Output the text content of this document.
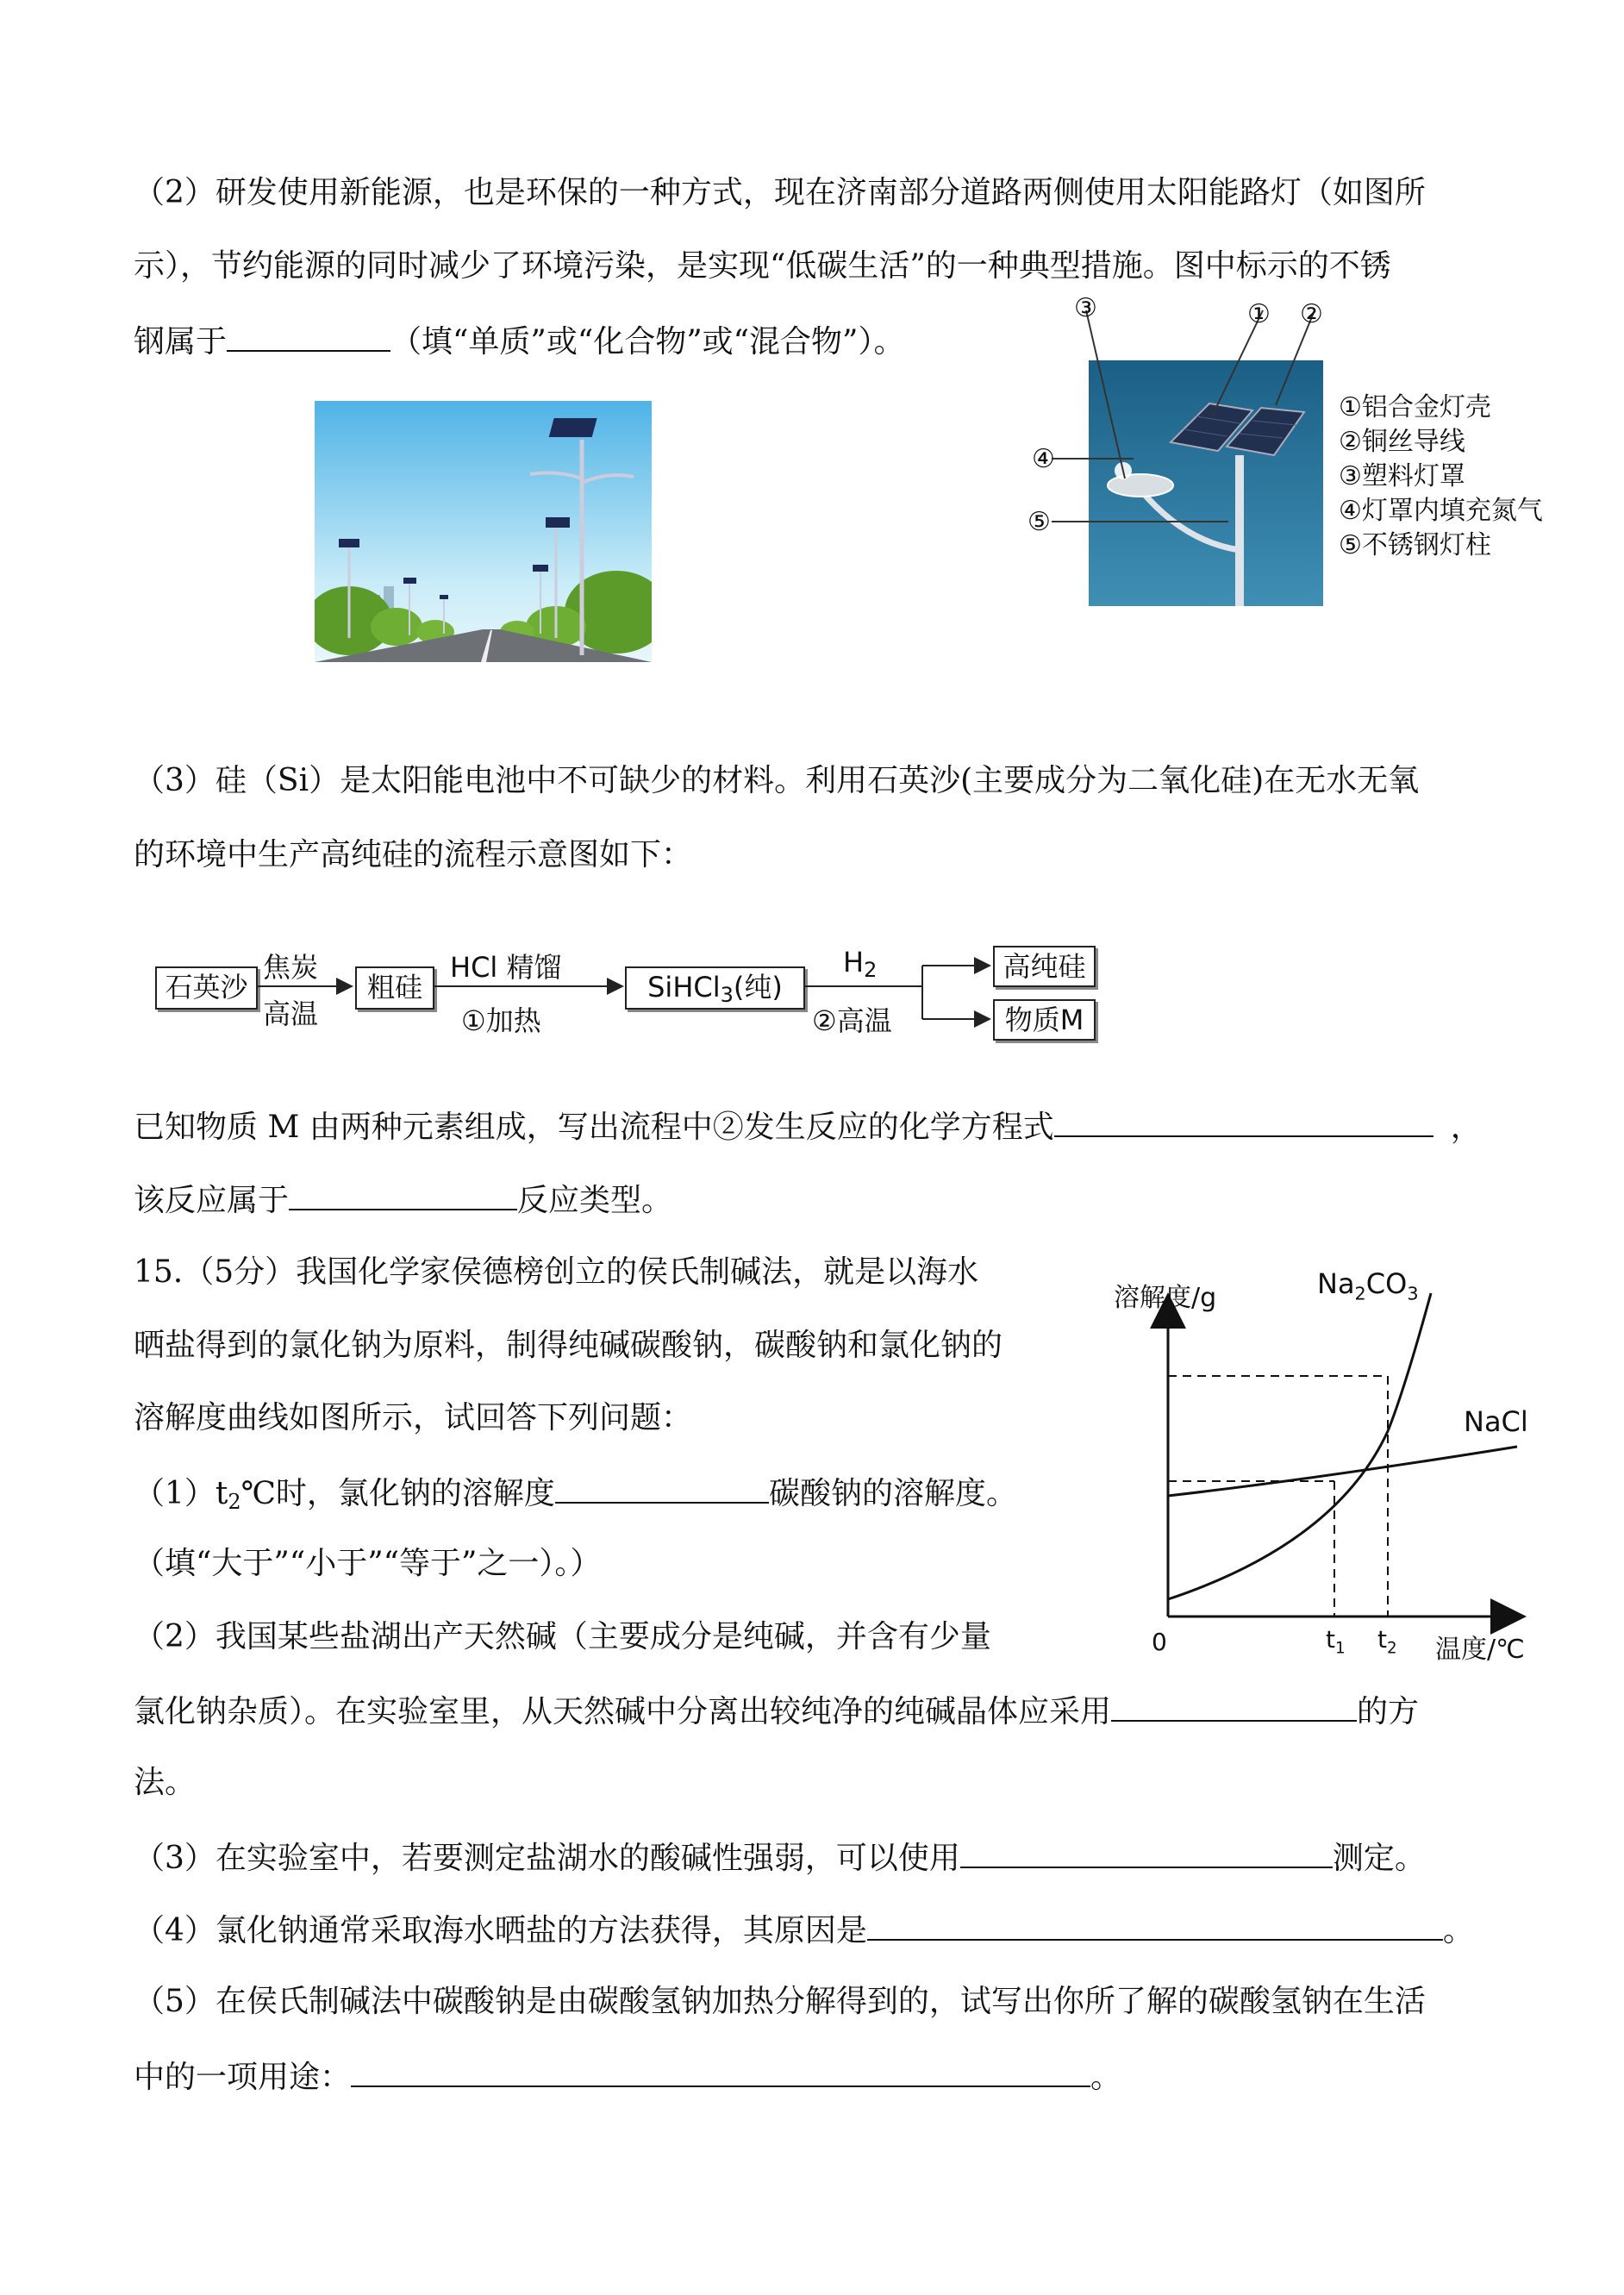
（2）研发使用新能源，也是环保的一种方式，现在济南部分道路两侧使用太阳能路灯（如图所
示），节约能源的同时减少了环境污染，是实现“低碳生活”的一种典型措施。图中标示的不锈
钢属于	（填“单质”或“化合物”或“混合物”）。
③	① ②
④
⑤
①铝合金灯壳
②铜丝导线
③塑料灯罩
④灯罩内填充氮气
⑤不锈钢灯柱
（3）硅（Si）是太阳能电池中不可缺少的材料。利用石英沙(主要成分为二氧化硅)在无水无氧
的环境中生产高纯硅的流程示意图如下：
石英沙
焦炭
高温
粗硅
HCl 精馏
①加热
SiHCl$_3$(纯)
$H_2$
②高温
高纯硅
物质M
已知物质 M 由两种元素组成，写出流程中②发生反应的化学方程式	，
该反应属于	反应类型。
15.（5分）我国化学家侯德榜创立的侯氏制碱法，就是以海水
晒盐得到的氯化钠为原料，制得纯碱碳酸钠，碳酸钠和氯化钠的
溶解度曲线如图所示，试回答下列问题：
$(1)t_2℃$时，氯化钠的溶解度	碳酸钠的溶解度。
（填“大于”“小于”“等于”之一）。）
（2）我国某些盐湖出产天然碱（主要成分是纯碱，并含有少量
氯化钠杂质）。在实验室里，从天然碱中分离出较纯净的纯碱晶体应采用	的方
法。
（3）在实验室中，若要测定盐湖水的酸碱性强弱，可以使用	测定。
（4）氯化钠通常采取海水晒盐的方法获得，其原因是	。
（5）在侯氏制碱法中碳酸钠是由碳酸氢钠加热分解得到的，试写出你所了解的碳酸氢钠在生活
中的一项用途：	。
溶解度/g
0	$t_1$ $t_2$ 温度/℃
$Na_2CO_3$
NaCl
